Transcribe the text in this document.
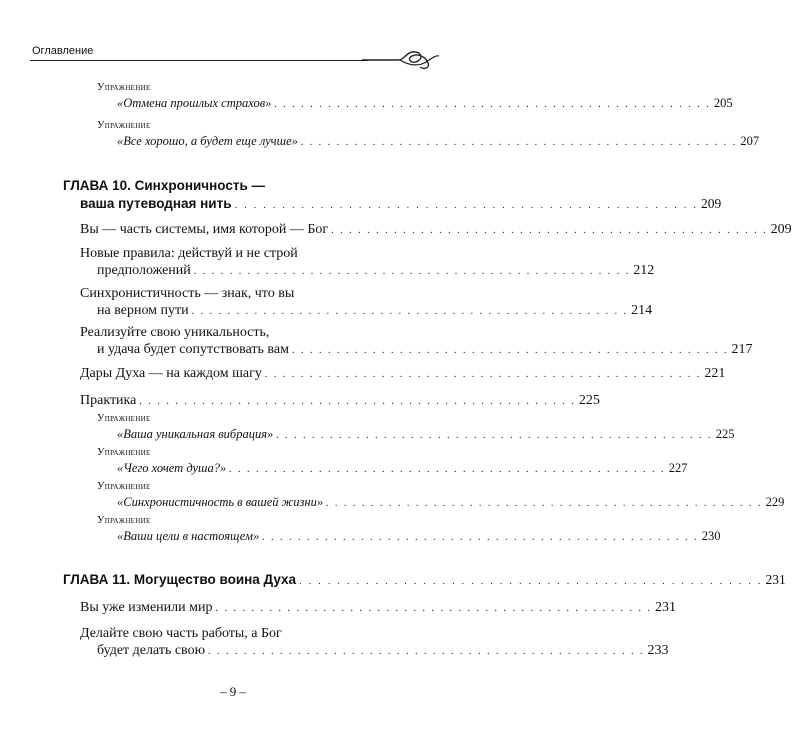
Оглавление
Упражнение
«Отмена прошлых страхов» . . . . . . . . . . . . . . . . . . . . . . . . . . . . . . . . . . . . . . . . . . . . . . . . . 205
Упражнение
«Все хорошо, а будет еще лучше» . . . . . . . . . . . . . . . . . . . . . . . . . . . . . . . . . . . . . . . . . . . . . . . . . 207
ГЛАВА 10. Синхроничность —
ваша путеводная нить . . . . . . . . . . . . . . . . . . . . . . . . . . . . . . . . . . . . . . . . . . . . . . . . . 209
Вы — часть системы, имя которой — Бог . . . . . . . . . . . . . . . . . . . . . . . . . . . . . . . . . . . . . . . . . . . . . . . . . 209
Новые правила: действуй и не строй
предположений . . . . . . . . . . . . . . . . . . . . . . . . . . . . . . . . . . . . . . . . . . . . . . . . . 212
Синхронистичность — знак, что вы
на верном пути . . . . . . . . . . . . . . . . . . . . . . . . . . . . . . . . . . . . . . . . . . . . . . . . . 214
Реализуйте свою уникальность,
и удача будет сопутствовать вам . . . . . . . . . . . . . . . . . . . . . . . . . . . . . . . . . . . . . . . . . . . . . . . . . 217
Дары Духа — на каждом шагу . . . . . . . . . . . . . . . . . . . . . . . . . . . . . . . . . . . . . . . . . . . . . . . . . 221
Практика . . . . . . . . . . . . . . . . . . . . . . . . . . . . . . . . . . . . . . . . . . . . . . . . . 225
Упражнение
«Ваша уникальная вибрация» . . . . . . . . . . . . . . . . . . . . . . . . . . . . . . . . . . . . . . . . . . . . . . . . . 225
Упражнение
«Чего хочет душа?» . . . . . . . . . . . . . . . . . . . . . . . . . . . . . . . . . . . . . . . . . . . . . . . . . 227
Упражнение
«Синхронистичность в вашей жизни» . . . . . . . . . . . . . . . . . . . . . . . . . . . . . . . . . . . . . . . . . . . . . . . . . 229
Упражнение
«Ваши цели в настоящем» . . . . . . . . . . . . . . . . . . . . . . . . . . . . . . . . . . . . . . . . . . . . . . . . . 230
ГЛАВА 11. Могущество воина Духа . . . . . . . . . . . . . . . . . . . . . . . . . . . . . . . . . . . . . . . . . . . . . . . . . 231
Вы уже изменили мир . . . . . . . . . . . . . . . . . . . . . . . . . . . . . . . . . . . . . . . . . . . . . . . . . 231
Делайте свою часть работы, а Бог
будет делать свою . . . . . . . . . . . . . . . . . . . . . . . . . . . . . . . . . . . . . . . . . . . . . . . . . 233
– 9 –
